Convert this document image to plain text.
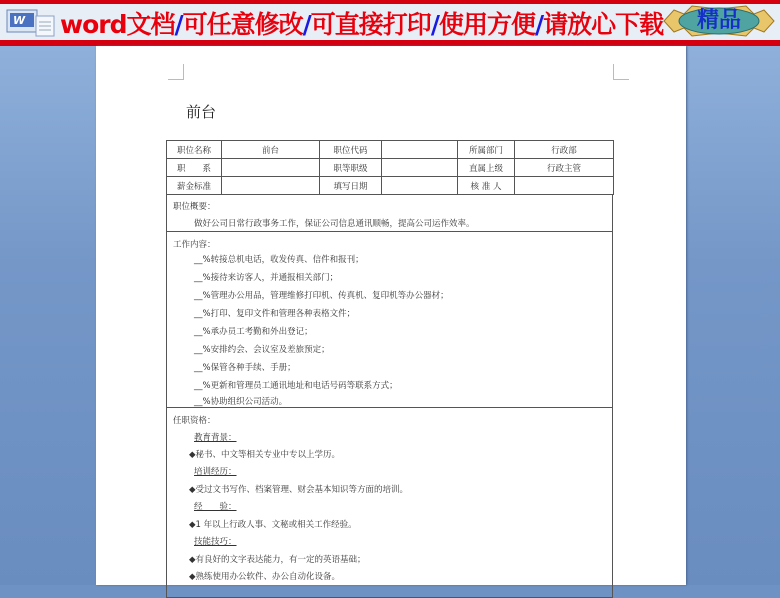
W word文档/可任意修改/可直接打印/使用方便/请放心下载	精品
前台
职位名称	前台	职位代码		所属部门	行政部
职　　系		职等职级		直属上级	行政主管
薪金标准		填写日期		核 准 人	
职位概要：
做好公司日常行政事务工作，保证公司信息通讯顺畅，提高公司运作效率。
工作内容：
__%转接总机电话，收发传真、信件和报刊；
__%接待来访客人，并通报相关部门；
__%管理办公用品，管理维修打印机、传真机、复印机等办公器材；
__%打印、复印文件和管理各种表格文件；
__%承办员工考勤和外出登记；
__%安排约会、会议室及差旅预定；
__%保管各种手续、手册；
__%更新和管理员工通讯地址和电话号码等联系方式；
__%协助组织公司活动。
任职资格：
教育背景：
◆秘书、中文等相关专业中专以上学历。
培训经历：
◆受过文书写作、档案管理、财会基本知识等方面的培训。
经　　验：
◆1 年以上行政人事、文秘或相关工作经验。
技能技巧：
◆有良好的文字表达能力，有一定的英语基础；
◆熟练使用办公软件、办公自动化设备。
